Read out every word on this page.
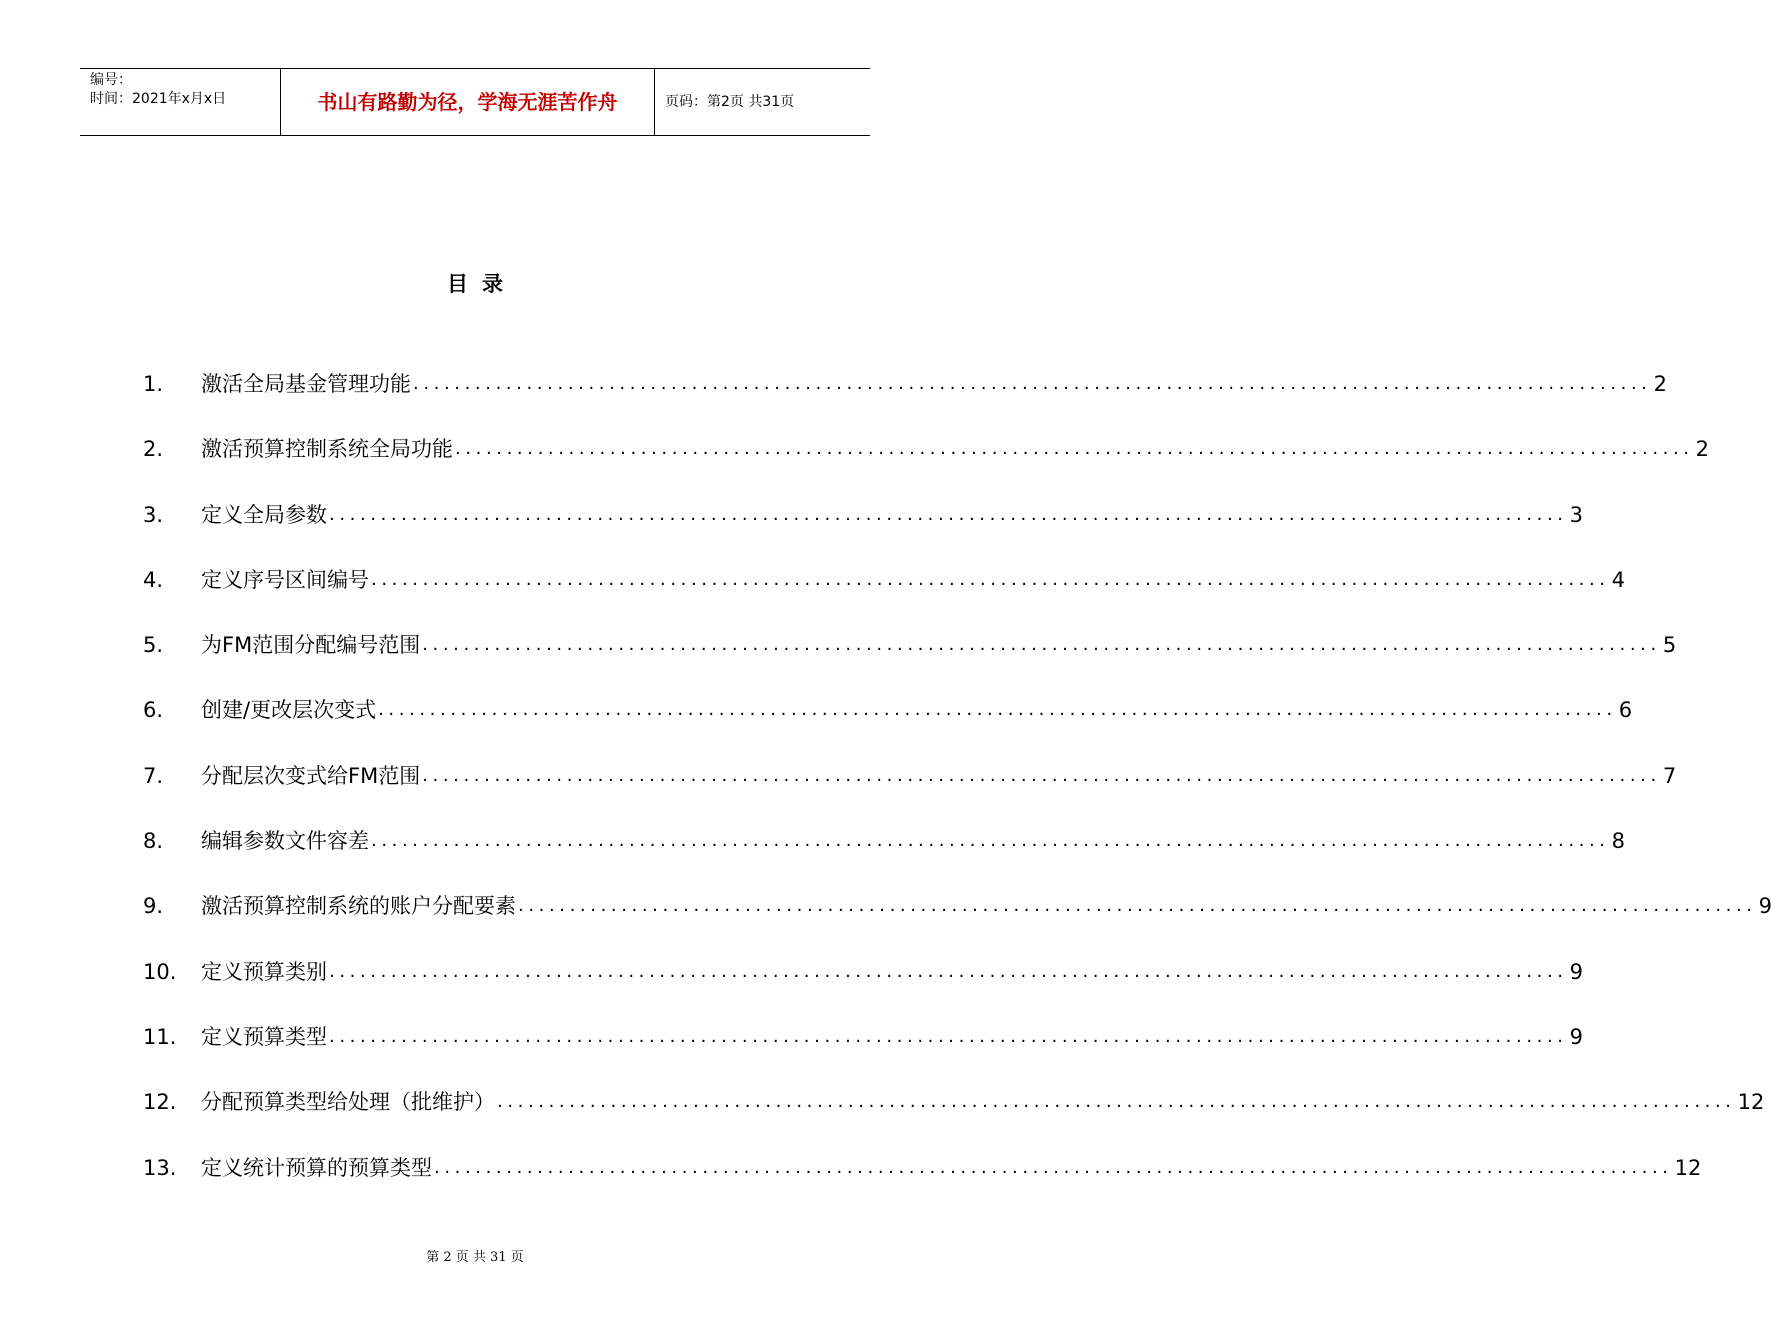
编号：
时间：2021年x月x日	书山有路勤为径，学海无涯苦作舟	页码：第2页 共31页
目录
1.	激活全局基金管理功能 ........................................................................................................................ 2
2.	激活预算控制系统全局功能 ........................................................................................................................ 2
3.	定义全局参数 ........................................................................................................................ 3
4.	定义序号区间编号 ........................................................................................................................ 4
5.	为FM范围分配编号范围 ........................................................................................................................ 5
6.	创建/更改层次变式 ........................................................................................................................ 6
7.	分配层次变式给FM范围 ........................................................................................................................ 7
8.	编辑参数文件容差 ........................................................................................................................ 8
9.	激活预算控制系统的账户分配要素 ........................................................................................................................ 9
10.	定义预算类别 ........................................................................................................................ 9
11.	定义预算类型 ........................................................................................................................ 9
12.	分配预算类型给处理（批维护） ........................................................................................................................ 12
13.	定义统计预算的预算类型 ........................................................................................................................ 12
第 2 页 共 31 页
